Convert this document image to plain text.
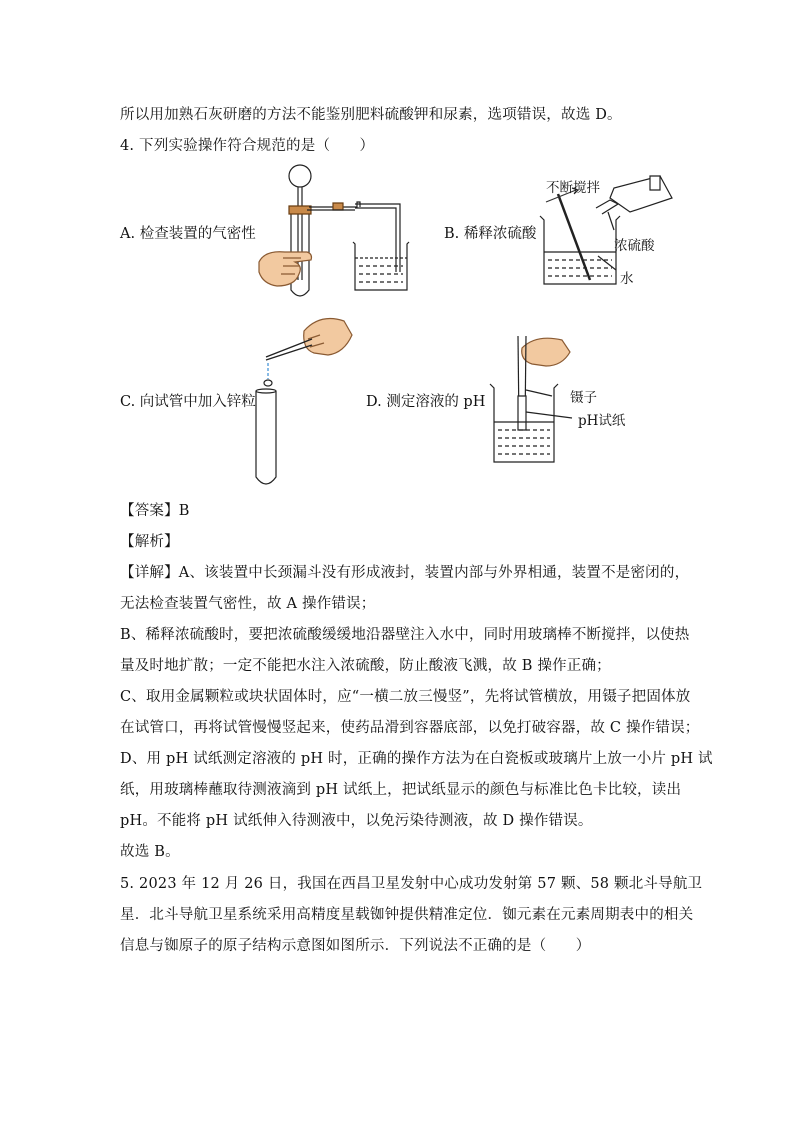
所以用加熟石灰研磨的方法不能鉴别肥料硫酸钾和尿素，选项错误，故选 D。
4. 下列实验操作符合规范的是（　　）
A. 检查装置的气密性	B. 稀释浓硫酸
C. 向试管中加入锌粒	D. 测定溶液的 pH
不断搅拌
浓硫酸
水
镊子
pH试纸
【答案】B
【解析】
【详解】A、该装置中长颈漏斗没有形成液封，装置内部与外界相通，装置不是密闭的，
无法检查装置气密性，故 A 操作错误；
B、稀释浓硫酸时，要把浓硫酸缓缓地沿器壁注入水中，同时用玻璃棒不断搅拌，以使热
量及时地扩散；一定不能把水注入浓硫酸，防止酸液飞溅，故 B 操作正确；
C、取用金属颗粒或块状固体时，应“一横二放三慢竖”，先将试管横放，用镊子把固体放
在试管口，再将试管慢慢竖起来，使药品滑到容器底部，以免打破容器，故 C 操作错误；
D、用 pH 试纸测定溶液的 pH 时，正确的操作方法为在白瓷板或玻璃片上放一小片 pH 试
纸，用玻璃棒蘸取待测液滴到 pH 试纸上，把试纸显示的颜色与标准比色卡比较，读出
pH。不能将 pH 试纸伸入待测液中，以免污染待测液，故 D 操作错误。
故选 B。
5. 2023 年 12 月 26 日，我国在西昌卫星发射中心成功发射第 57 颗、58 颗北斗导航卫
星．北斗导航卫星系统采用高精度星载铷钟提供精准定位．铷元素在元素周期表中的相关
信息与铷原子的原子结构示意图如图所示．下列说法不正确的是（　　）
